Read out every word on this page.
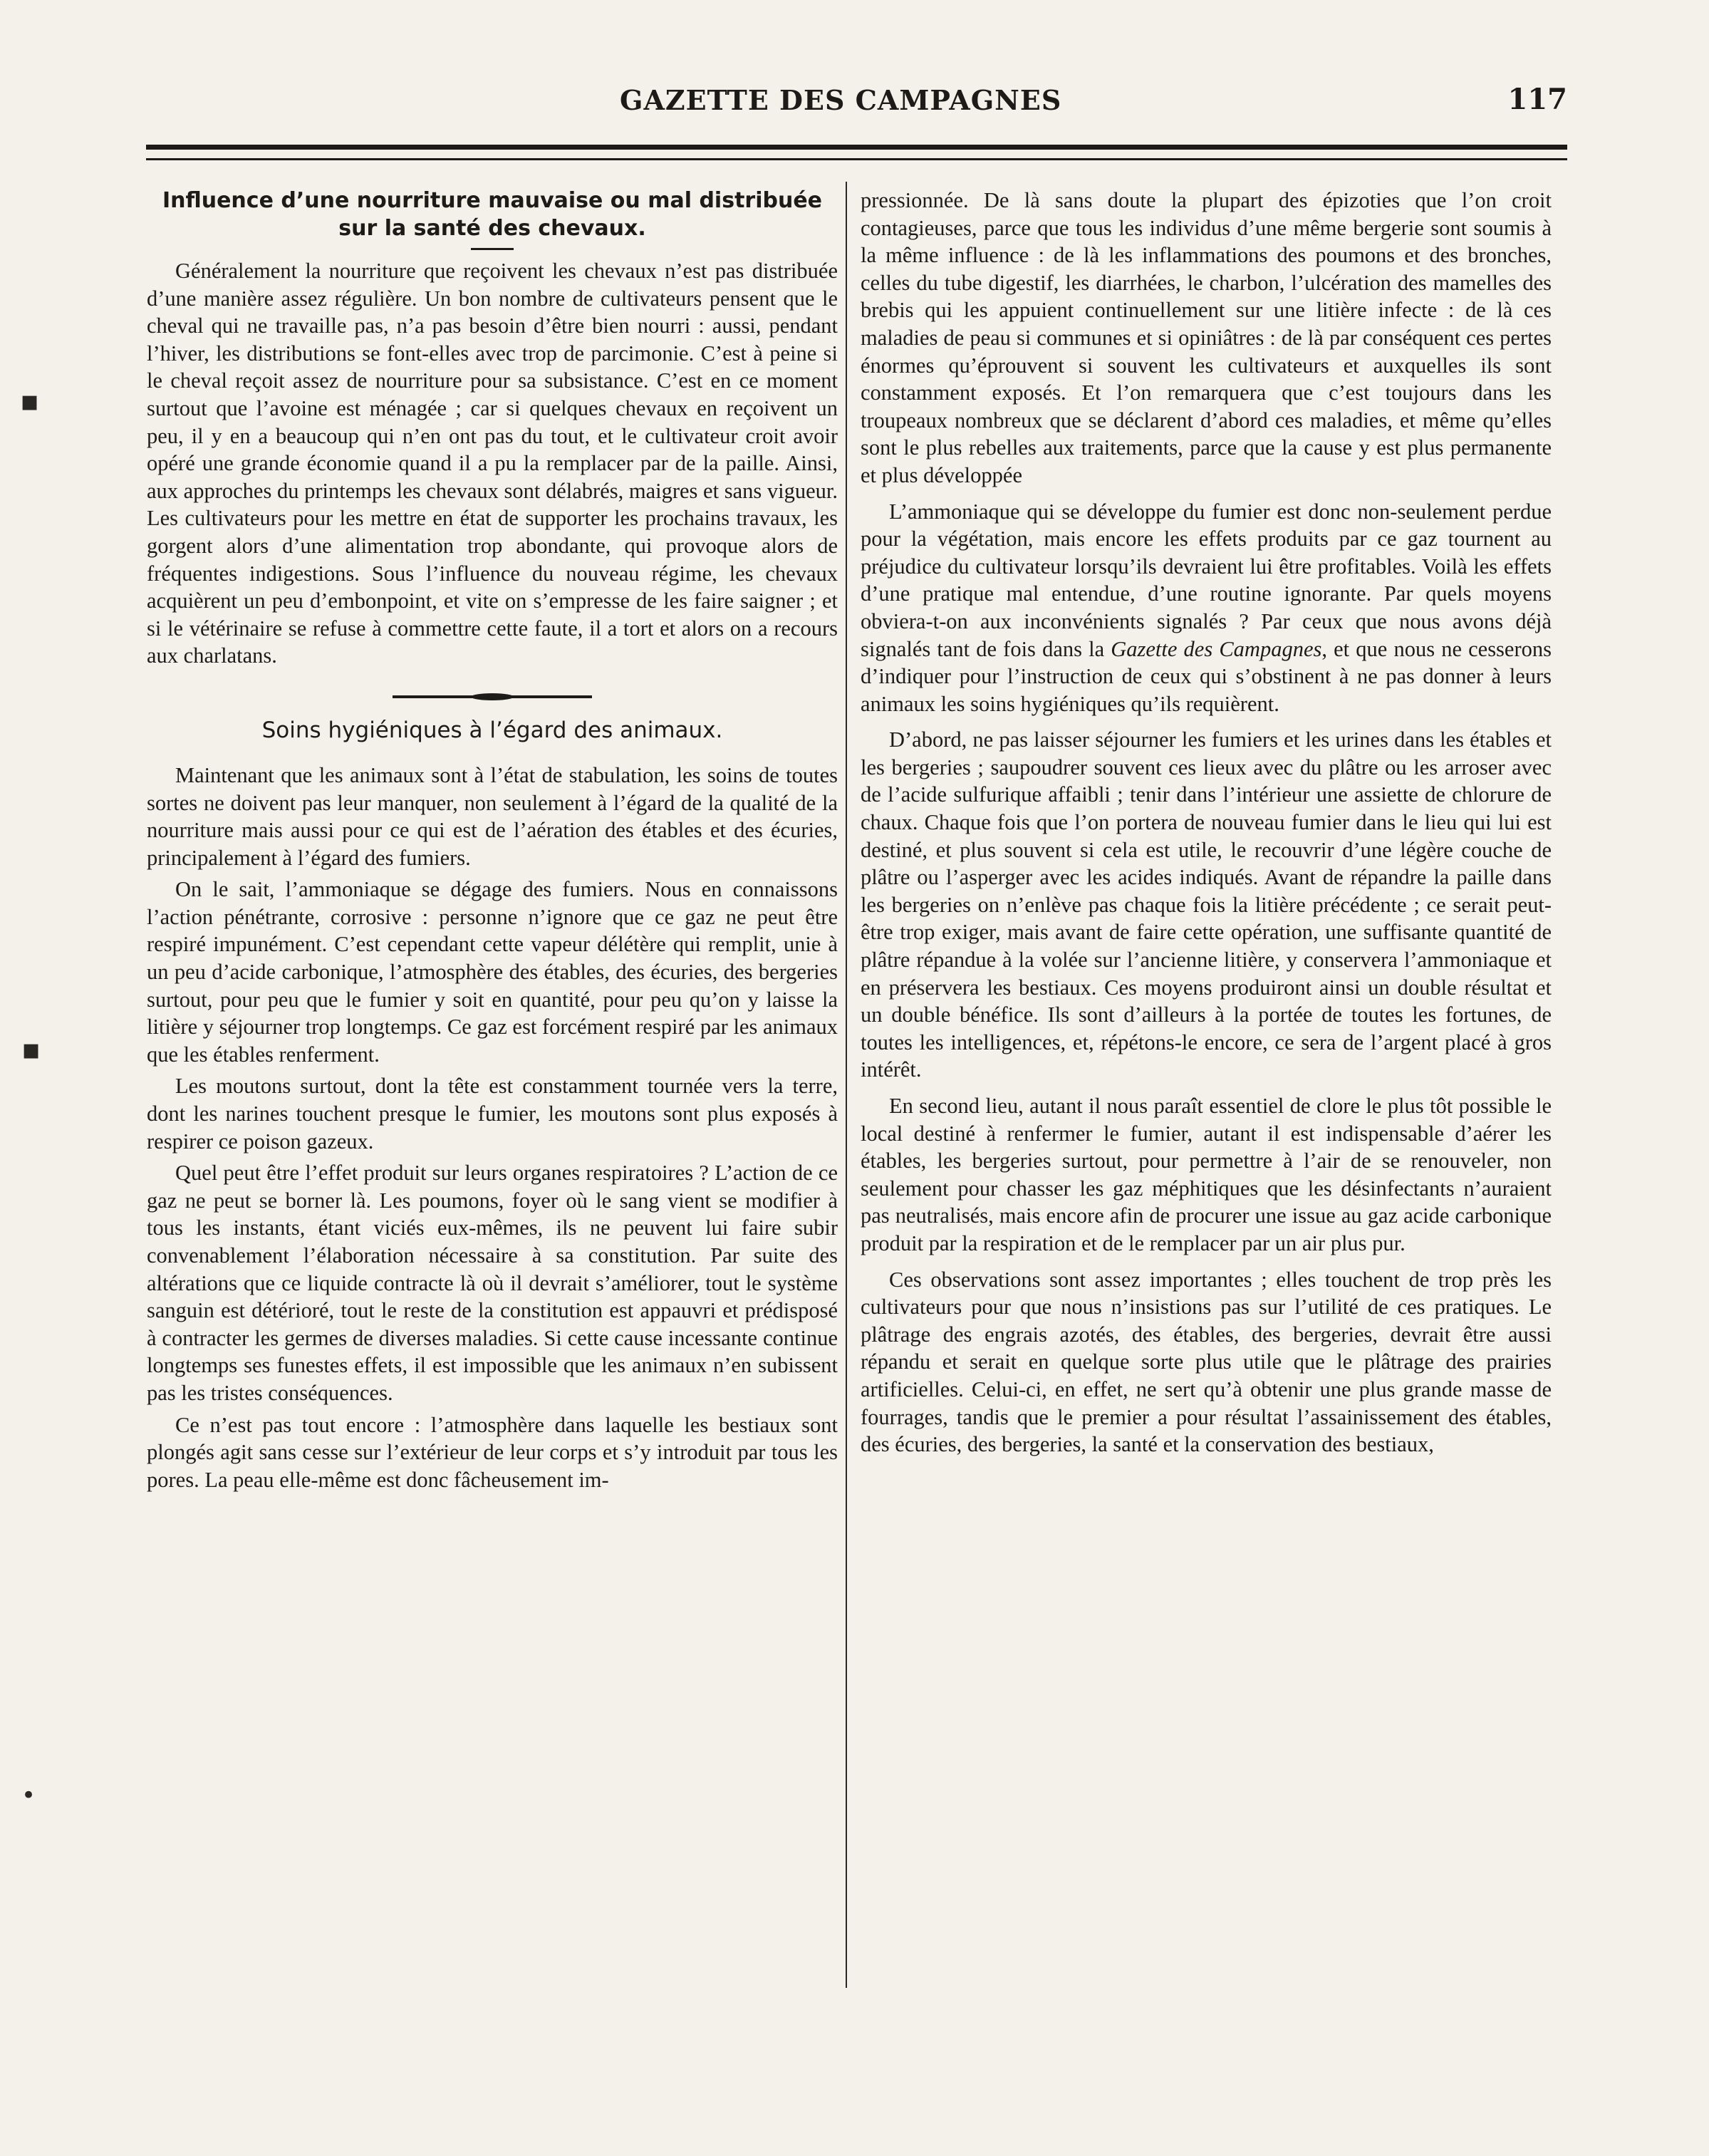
GAZETTE DES CAMPAGNES	117
▪
▪
•
Influence d’une nourriture mauvaise ou mal distribuée sur la santé des chevaux.

Généralement la nourriture que reçoivent les chevaux n’est pas distribuée d’une manière assez régulière. Un bon nombre de cultivateurs pensent que le cheval qui ne travaille pas, n’a pas besoin d’être bien nourri : aussi, pendant l’hiver, les distributions se font-elles avec trop de parcimonie. C’est à peine si le cheval reçoit assez de nourriture pour sa subsistance. C’est en ce moment surtout que l’avoine est ménagée ; car si quelques chevaux en reçoivent un peu, il y en a beaucoup qui n’en ont pas du tout, et le cultivateur croit avoir opéré une grande économie quand il a pu la remplacer par de la paille. Ainsi, aux approches du printemps les chevaux sont délabrés, maigres et sans vigueur. Les cultivateurs pour les mettre en état de supporter les prochains travaux, les gorgent alors d’une alimentation trop abondante, qui provoque alors de fréquentes indigestions. Sous l’influence du nouveau régime, les chevaux acquièrent un peu d’embonpoint, et vite on s’empresse de les faire saigner ; et si le vétérinaire se refuse à commettre cette faute, il a tort et alors on a recours aux charlatans.

Soins hygiéniques à l’égard des animaux.

Maintenant que les animaux sont à l’état de stabulation, les soins de toutes sortes ne doivent pas leur manquer, non seulement à l’égard de la qualité de la nourriture mais aussi pour ce qui est de l’aération des étables et des écuries, principalement à l’égard des fumiers.

On le sait, l’ammoniaque se dégage des fumiers. Nous en connaissons l’action pénétrante, corrosive : personne n’ignore que ce gaz ne peut être respiré impunément. C’est cependant cette vapeur délétère qui remplit, unie à un peu d’acide carbonique, l’atmosphère des étables, des écuries, des bergeries surtout, pour peu que le fumier y soit en quantité, pour peu qu’on y laisse la litière y séjourner trop longtemps. Ce gaz est forcément respiré par les animaux que les étables renferment.

Les moutons surtout, dont la tête est constamment tournée vers la terre, dont les narines touchent presque le fumier, les moutons sont plus exposés à respirer ce poison gazeux.

Quel peut être l’effet produit sur leurs organes respiratoires ? L’action de ce gaz ne peut se borner là. Les poumons, foyer où le sang vient se modifier à tous les instants, étant viciés eux-mêmes, ils ne peuvent lui faire subir convenablement l’élaboration nécessaire à sa constitution. Par suite des altérations que ce liquide contracte là où il devrait s’améliorer, tout le système sanguin est détérioré, tout le reste de la constitution est appauvri et prédisposé à contracter les germes de diverses maladies. Si cette cause incessante continue longtemps ses funestes effets, il est impossible que les animaux n’en subissent pas les tristes conséquences.

Ce n’est pas tout encore : l’atmosphère dans laquelle les bestiaux sont plongés agit sans cesse sur l’extérieur de leur corps et s’y introduit par tous les pores. La peau elle-même est donc fâcheusement im-

pressionnée. De là sans doute la plupart des épizoties que l’on croit contagieuses, parce que tous les individus d’une même bergerie sont soumis à la même influence : de là les inflammations des poumons et des bronches, celles du tube digestif, les diarrhées, le charbon, l’ulcération des mamelles des brebis qui les appuient continuellement sur une litière infecte : de là ces maladies de peau si communes et si opiniâtres : de là par conséquent ces pertes énormes qu’éprouvent si souvent les cultivateurs et auxquelles ils sont constamment exposés. Et l’on remarquera que c’est toujours dans les troupeaux nombreux que se déclarent d’abord ces maladies, et même qu’elles sont le plus rebelles aux traitements, parce que la cause y est plus permanente et plus développée

L’ammoniaque qui se développe du fumier est donc non-seulement perdue pour la végétation, mais encore les effets produits par ce gaz tournent au préjudice du cultivateur lorsqu’ils devraient lui être profitables. Voilà les effets d’une pratique mal entendue, d’une routine ignorante. Par quels moyens obviera-t-on aux inconvénients signalés ? Par ceux que nous avons déjà signalés tant de fois dans la Gazette des Campagnes, et que nous ne cesserons d’indiquer pour l’instruction de ceux qui s’obstinent à ne pas donner à leurs animaux les soins hygiéniques qu’ils requièrent.

D’abord, ne pas laisser séjourner les fumiers et les urines dans les étables et les bergeries ; saupoudrer souvent ces lieux avec du plâtre ou les arroser avec de l’acide sulfurique affaibli ; tenir dans l’intérieur une assiette de chlorure de chaux. Chaque fois que l’on portera de nouveau fumier dans le lieu qui lui est destiné, et plus souvent si cela est utile, le recouvrir d’une légère couche de plâtre ou l’asperger avec les acides indiqués. Avant de répandre la paille dans les bergeries on n’enlève pas chaque fois la litière précédente ; ce serait peut-être trop exiger, mais avant de faire cette opération, une suffisante quantité de plâtre répandue à la volée sur l’ancienne litière, y conservera l’ammoniaque et en préservera les bestiaux. Ces moyens produiront ainsi un double résultat et un double bénéfice. Ils sont d’ailleurs à la portée de toutes les fortunes, de toutes les intelligences, et, répétons-le encore, ce sera de l’argent placé à gros intérêt.

En second lieu, autant il nous paraît essentiel de clore le plus tôt possible le local destiné à renfermer le fumier, autant il est indispensable d’aérer les étables, les bergeries surtout, pour permettre à l’air de se renouveler, non seulement pour chasser les gaz méphitiques que les désinfectants n’auraient pas neutralisés, mais encore afin de procurer une issue au gaz acide carbonique produit par la respiration et de le remplacer par un air plus pur.

Ces observations sont assez importantes ; elles touchent de trop près les cultivateurs pour que nous n’insistions pas sur l’utilité de ces pratiques. Le plâtrage des engrais azotés, des étables, des bergeries, devrait être aussi répandu et serait en quelque sorte plus utile que le plâtrage des prairies artificielles. Celui-ci, en effet, ne sert qu’à obtenir une plus grande masse de fourrages, tandis que le premier a pour résultat l’assainissement des étables, des écuries, des bergeries, la santé et la conservation des bestiaux,
